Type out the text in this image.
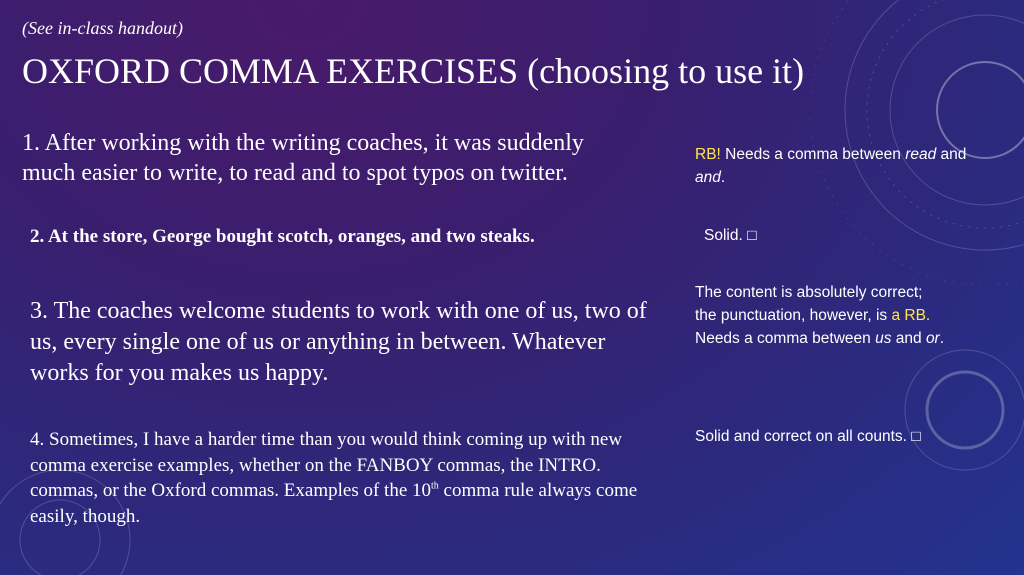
(See in-class handout)
OXFORD COMMA EXERCISES (choosing to use it)
1. After working with the writing coaches, it was suddenly much easier to write, to read and to spot typos on twitter.
2. At the store, George bought scotch, oranges, and two steaks.
3. The coaches welcome students to work with one of us, two of us, every single one of us or anything in between. Whatever works for you makes us happy.
4. Sometimes, I have a harder time than you would think coming up with new comma exercise examples, whether on the FANBOY commas, the INTRO. commas, or the Oxford commas. Examples of the 10th comma rule always come easily, though.
RB! Needs a comma between read and and.
Solid. □
The content is absolutely correct;
the punctuation, however, is a RB.
Needs a comma between us and or.
Solid and correct on all counts. □
